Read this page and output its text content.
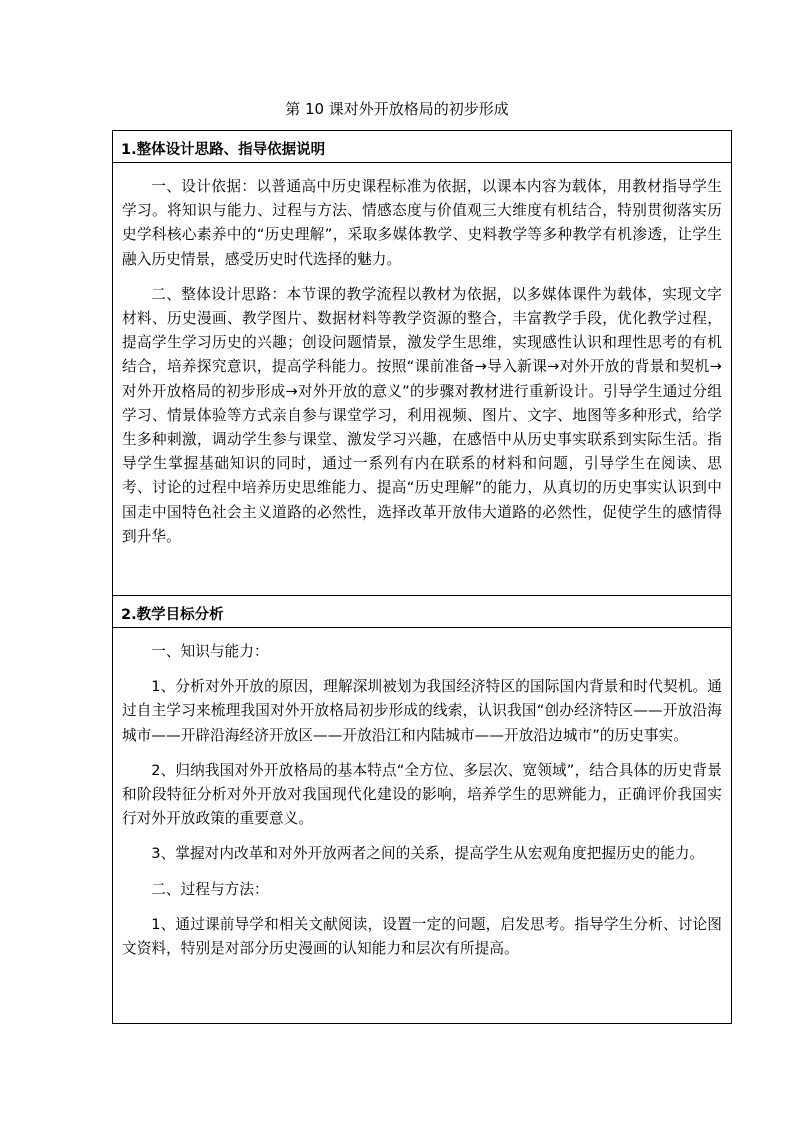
第 10 课对外开放格局的初步形成
1.整体设计思路、指导依据说明

一、设计依据：以普通高中历史课程标准为依据，以课本内容为载体，用教材指导学生学习。将知识与能力、过程与方法、情感态度与价值观三大维度有机结合，特别贯彻落实历史学科核心素养中的“历史理解”，采取多媒体教学、史料教学等多种教学有机渗透，让学生融入历史情景，感受历史时代选择的魅力。

二、整体设计思路：本节课的教学流程以教材为依据，以多媒体课件为载体，实现文字材料、历史漫画、教学图片、数据材料等教学资源的整合，丰富教学手段，优化教学过程，提高学生学习历史的兴趣；创设问题情景，激发学生思维，实现感性认识和理性思考的有机结合，培养探究意识，提高学科能力。按照“课前准备→导入新课→对外开放的背景和契机→对外开放格局的初步形成→对外开放的意义”的步骤对教材进行重新设计。引导学生通过分组学习、情景体验等方式亲自参与课堂学习，利用视频、图片、文字、地图等多种形式，给学生多种刺激，调动学生参与课堂、激发学习兴趣，在感悟中从历史事实联系到实际生活。指导学生掌握基础知识的同时，通过一系列有内在联系的材料和问题，引导学生在阅读、思考、讨论的过程中培养历史思维能力、提高“历史理解”的能力，从真切的历史事实认识到中国走中国特色社会主义道路的必然性，选择改革开放伟大道路的必然性，促使学生的感情得到升华。

2.教学目标分析

一、知识与能力：

1、分析对外开放的原因，理解深圳被划为我国经济特区的国际国内背景和时代契机。通过自主学习来梳理我国对外开放格局初步形成的线索，认识我国“创办经济特区——开放沿海城市——开辟沿海经济开放区——开放沿江和内陆城市——开放沿边城市”的历史事实。

2、归纳我国对外开放格局的基本特点“全方位、多层次、宽领域”，结合具体的历史背景和阶段特征分析对外开放对我国现代化建设的影响，培养学生的思辨能力，正确评价我国实行对外开放政策的重要意义。

3、掌握对内改革和对外开放两者之间的关系，提高学生从宏观角度把握历史的能力。

二、过程与方法：

1、通过课前导学和相关文献阅读，设置一定的问题，启发思考。指导学生分析、讨论图文资料，特别是对部分历史漫画的认知能力和层次有所提高。
